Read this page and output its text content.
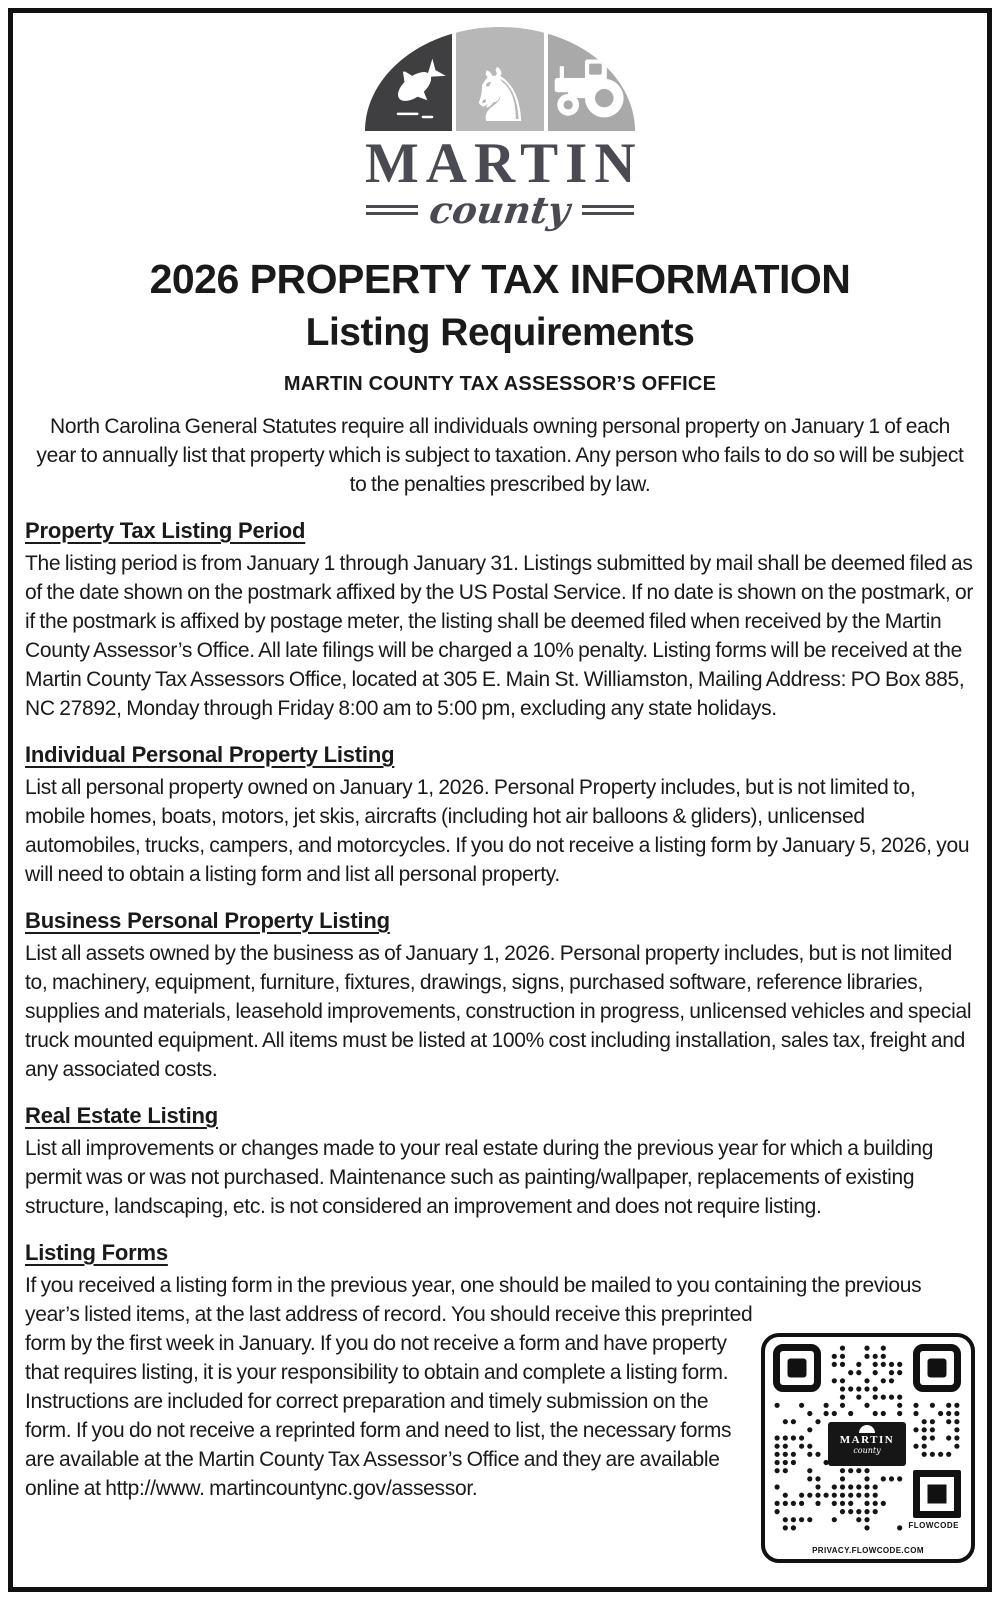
♞
MARTIN
county
2026 PROPERTY TAX INFORMATION
Listing Requirements
MARTIN COUNTY TAX ASSESSOR’S OFFICE

North Carolina General Statutes require all individuals owning personal property on January 1 of each year to annually list that property which is subject to taxation. Any person who fails to do so will be subject to the penalties prescribed by law.

Property Tax Listing Period
The listing period is from January 1 through January 31. Listings submitted by mail shall be deemed filed as of the date shown on the postmark affixed by the US Postal Service. If no date is shown on the postmark, or if the postmark is affixed by postage meter, the listing shall be deemed filed when received by the Martin County Assessor’s Office. All late filings will be charged a 10% penalty. Listing forms will be received at the Martin County Tax Assessors Office, located at 305 E. Main St. Williamston, Mailing Address: PO Box 885, NC 27892, Monday through Friday 8:00 am to 5:00 pm, excluding any state holidays.
Individual Personal Property Listing
List all personal property owned on January 1, 2026. Personal Property includes, but is not limited to, mobile homes, boats, motors, jet skis, aircrafts (including hot air balloons & gliders), unlicensed automobiles, trucks, campers, and motorcycles. If you do not receive a listing form by January 5, 2026, you will need to obtain a listing form and list all personal property.
Business Personal Property Listing
List all assets owned by the business as of January 1, 2026. Personal property includes, but is not limited to, machinery, equipment, furniture, fixtures, drawings, signs, purchased software, reference libraries, supplies and materials, leasehold improvements, construction in progress, unlicensed vehicles and special truck mounted equipment. All items must be listed at 100% cost including installation, sales tax, freight and any associated costs.
Real Estate Listing
List all improvements or changes made to your real estate during the previous year for which a building permit was or was not purchased. Maintenance such as painting/wallpaper, replacements of existing structure, landscaping, etc. is not considered an improvement and does not require listing.
Listing Forms
If you received a listing form in the previous year, one should be mailed to you containing the previous year’s listed items, at the last address of record. You should receive this preprinted
form by the first week in January. If you do not receive a form and have property that requires listing, it is your responsibility to obtain and complete a listing form. Instructions are included for correct preparation and timely submission on the form. If you do not receive a reprinted form and need to list, the necessary forms are available at the Martin County Tax Assessor’s Office and they are available online at http://www. martincountync.gov/assessor.
MARTIN
county
FLOWCODE
PRIVACY.FLOWCODE.COM
